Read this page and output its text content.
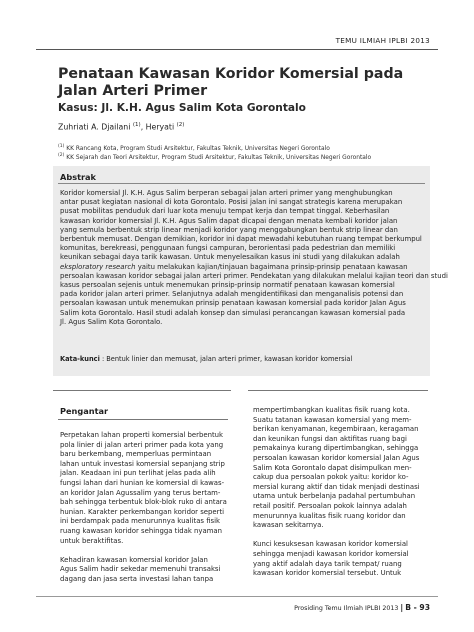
TEMU ILMIAH IPLBI 2013
Penataan Kawasan Koridor Komersial pada Jalan Arteri Primer
Kasus: Jl. K.H. Agus Salim Kota Gorontalo
Zuhriati A. Djailani $^{(1)}$, Heryati $^{(2)}$
$^{(1)}$ KK Rancang Kota, Program Studi Arsitektur, Fakultas Teknik, Universitas Negeri Gorontalo
$^{(2)}$ KK Sejarah dan Teori Arsitektur, Program Studi Arsitektur, Fakultas Teknik, Universitas Negeri Gorontalo
Abstrak
Koridor komersial Jl. K.H. Agus Salim berperan sebagai jalan arteri primer yang menghubungkan
antar pusat kegiatan nasional di kota Gorontalo. Posisi jalan ini sangat strategis karena merupakan
pusat mobilitas penduduk dari luar kota menuju tempat kerja dan tempat tinggal. Keberhasilan
kawasan koridor komersial Jl. K.H. Agus Salim dapat dicapai dengan menata kembali koridor jalan
yang semula berbentuk strip linear menjadi koridor yang menggabungkan bentuk strip linear dan
berbentuk memusat. Dengan demikian, koridor ini dapat mewadahi kebutuhan ruang tempat berkumpul
komunitas, berekreasi, penggunaan fungsi campuran, berorientasi pada pedestrian dan memiliki
keunikan sebagai daya tarik kawasan. Untuk menyelesaikan kasus ini studi yang dilakukan adalah
eksploratory research yaitu melakukan kajian/tinjauan bagaimana prinsip-prinsip penataan kawasan
persoalan kawasan koridor sebagai jalan arteri primer. Pendekatan yang dilakukan melalui kajian teori dan studi
kasus persoalan sejenis untuk menemukan prinsip-prinsip normatif penataan kawasan komersial
pada koridor jalan arteri primer. Selanjutnya adalah mengidentifikasi dan menganalisis potensi dan
persoalan kawasan untuk menemukan prinsip penataan kawasan komersial pada koridor Jalan Agus
Salim kota Gorontalo. Hasil studi adalah konsep dan simulasi perancangan kawasan komersial pada
Jl. Agus Salim Kota Gorontalo.
Kata-kunci : Bentuk linier dan memusat, jalan arteri primer, kawasan koridor komersial
Pengantar
Perpetakan lahan properti komersial berbentuk
pola linier di jalan arteri primer pada kota yang
baru berkembang, memperluas permintaan
lahan untuk investasi komersial sepanjang strip
jalan. Keadaan ini pun terlihat jelas pada alih
fungsi lahan dari hunian ke komersial di kawas-
an koridor Jalan Agussalim yang terus bertam-
bah sehingga terbentuk blok-blok ruko di antara
hunian. Karakter perkembangan koridor seperti
ini berdampak pada menurunnya kualitas fisik
ruang kawasan koridor sehingga tidak nyaman
untuk beraktifitas.
Kehadiran kawasan komersial koridor Jalan
Agus Salim hadir sekedar memenuhi transaksi
dagang dan jasa serta investasi lahan tanpa
mempertimbangkan kualitas fisik ruang kota.
Suatu tatanan kawasan komersial yang mem-
berikan kenyamanan, kegembiraan, keragaman
dan keunikan fungsi dan aktifitas ruang bagi
pemakainya kurang dipertimbangkan, sehingga
persoalan kawasan koridor komersial Jalan Agus
Salim Kota Gorontalo dapat disimpulkan men-
cakup dua persoalan pokok yaitu: koridor ko-
mersial kurang aktif dan tidak menjadi destinasi
utama untuk berbelanja padahal pertumbuhan
retail positif. Persoalan pokok lainnya adalah
menurunnya kualitas fisik ruang koridor dan
kawasan sekitarnya.
Kunci kesuksesan kawasan koridor komersial
sehingga menjadi kawasan koridor komersial
yang aktif adalah daya tarik tempat/ ruang
kawasan koridor komersial tersebut. Untuk
Prosiding Temu Ilmiah IPLBI 2013 | B - 93
